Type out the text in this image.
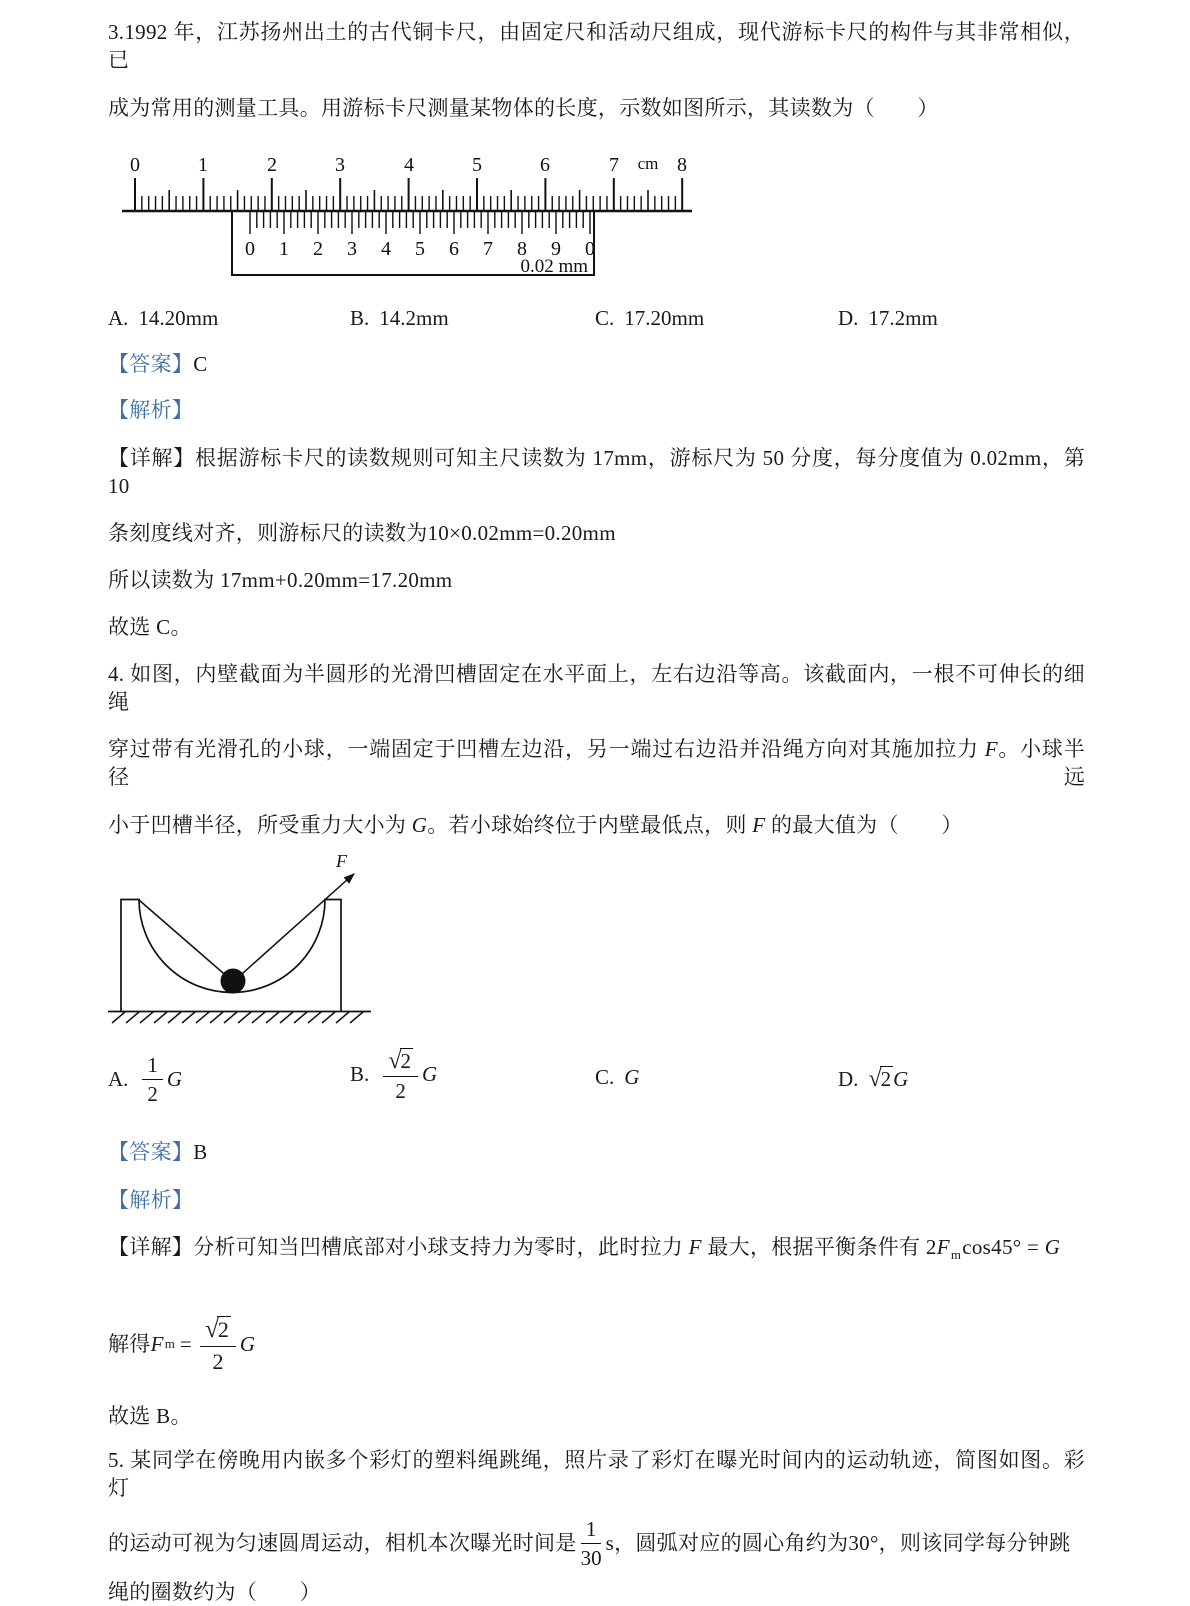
3.1992 年，江苏扬州出土的古代铜卡尺，由固定尺和活动尺组成，现代游标卡尺的构件与其非常相似，已
成为常用的测量工具。用游标卡尺测量某物体的长度，示数如图所示，其读数为（　　）
0	1	2	3	4	5	6	7 cm 8
0 1 2 3 4 5 6 7 8 9 0
0.02 mm
A. 14.20mm	B. 14.2mm	C. 17.20mm	D. 17.2mm
【答案】C
【解析】
【详解】根据游标卡尺的读数规则可知主尺读数为 17mm，游标尺为 50 分度，每分度值为 0.02mm，第 10
条刻度线对齐，则游标尺的读数为10×0.02mm=0.20mm
所以读数为 17mm+0.20mm=17.20mm
故选 C。
4. 如图，内壁截面为半圆形的光滑凹槽固定在水平面上，左右边沿等高。该截面内，一根不可伸长的细绳
穿过带有光滑孔的小球，一端固定于凹槽左边沿，另一端过右边沿并沿绳方向对其施加拉力 F。小球半径远
小于凹槽半径，所受重力大小为 G。若小球始终位于内壁最低点，则 F 的最大值为（　　）
F
A. $\frac{1}{2}$ G	B. $\frac{√2}{2}$ G	C. G	D. √2 G
【答案】B
【解析】
【详解】分析可知当凹槽底部对小球支持力为零时，此时拉力 F 最大，根据平衡条件有 $2F_m\cos 45^\circ = G$
解得 F $m = \frac{√2}{2}$ G
故选 B。
5. 某同学在傍晚用内嵌多个彩灯的塑料绳跳绳，照片录了彩灯在曝光时间内的运动轨迹，简图如图。彩灯
的运动可视为匀速圆周运动，相机本次曝光时间是 $\frac{1}{30}$ s，圆弧对应的圆心角约为30°，则该同学每分钟跳
绳的圈数约为（　　）
